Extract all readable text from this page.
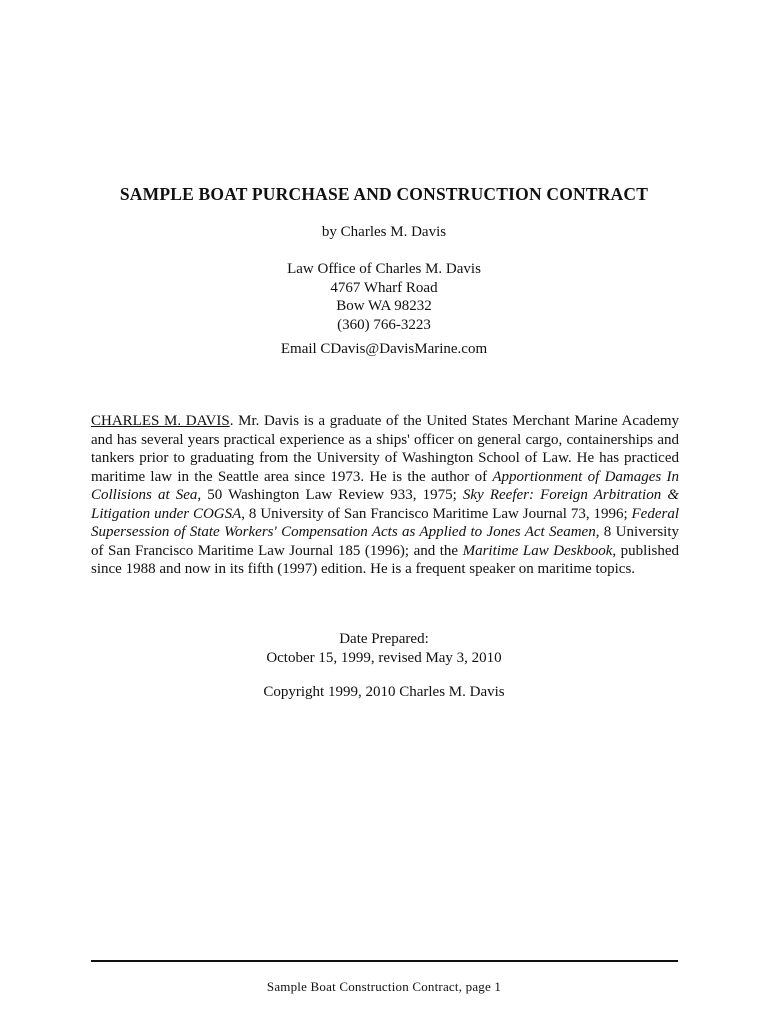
SAMPLE BOAT PURCHASE AND CONSTRUCTION CONTRACT
by Charles M. Davis
Law Office of Charles M. Davis
4767 Wharf Road
Bow WA 98232
(360) 766-3223
Email CDavis@DavisMarine.com
CHARLES M. DAVIS. Mr. Davis is a graduate of the United States Merchant Marine Academy
and has several years practical experience as a ships' officer on general cargo, containerships and
tankers prior to graduating from the University of Washington School of Law. He has practiced
maritime law in the Seattle area since 1973. He is the author of Apportionment of Damages In
Collisions at Sea, 50 Washington Law Review 933, 1975; Sky Reefer: Foreign Arbitration &
Litigation under COGSA, 8 University of San Francisco Maritime Law Journal 73, 1996; Federal
Supersession of State Workers' Compensation Acts as Applied to Jones Act Seamen, 8 University
of San Francisco Maritime Law Journal 185 (1996); and the Maritime Law Deskbook, published
since 1988 and now in its fifth (1997) edition. He is a frequent speaker on maritime topics.
Date Prepared:
October 15, 1999, revised May 3, 2010
Copyright 1999, 2010 Charles M. Davis
Sample Boat Construction Contract, page 1
